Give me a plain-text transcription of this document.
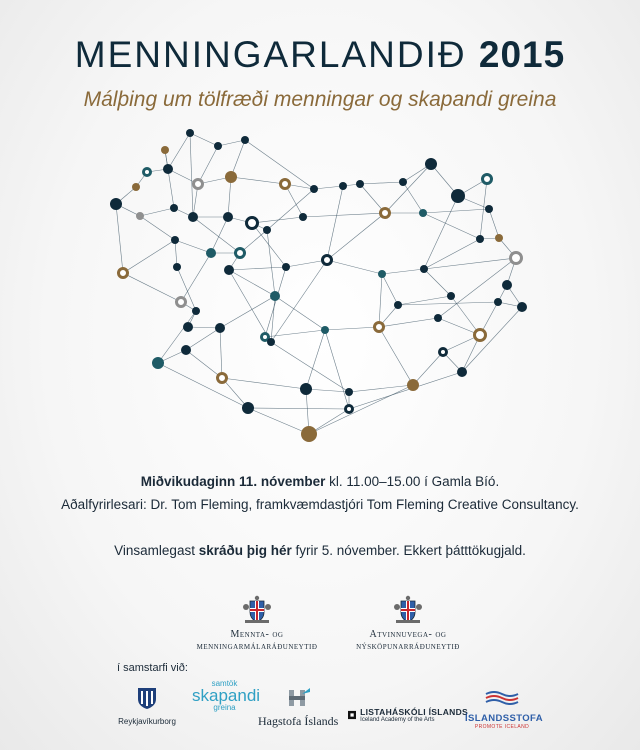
MENNINGARLANDIÐ 2015

Málþing um tölfræði menningar og skapandi greina

Miðvikudaginn 11. nóvember kl. 11.00–15.00 í Gamla Bíó.
Aðalfyrirlesari: Dr. Tom Fleming, framkvæmdastjóri Tom Fleming Creative Consultancy.
Vinsamlegast skráðu þig hér fyrir 5. nóvember. Ekkert þátttökugjald.
Mennta- og
menningarmálaráðuneytið
Atvinnuvega- og
nýsköpunarráðuneytið
í samstarfi við:
Reykjavíkurborg
samtök
skapandi
greina
Hagstofa Íslands
LISTAHÁSKÓLI ÍSLANDS
Iceland Academy of the Arts	ÍSLANDSSTOFA
PROMOTE ICELAND
